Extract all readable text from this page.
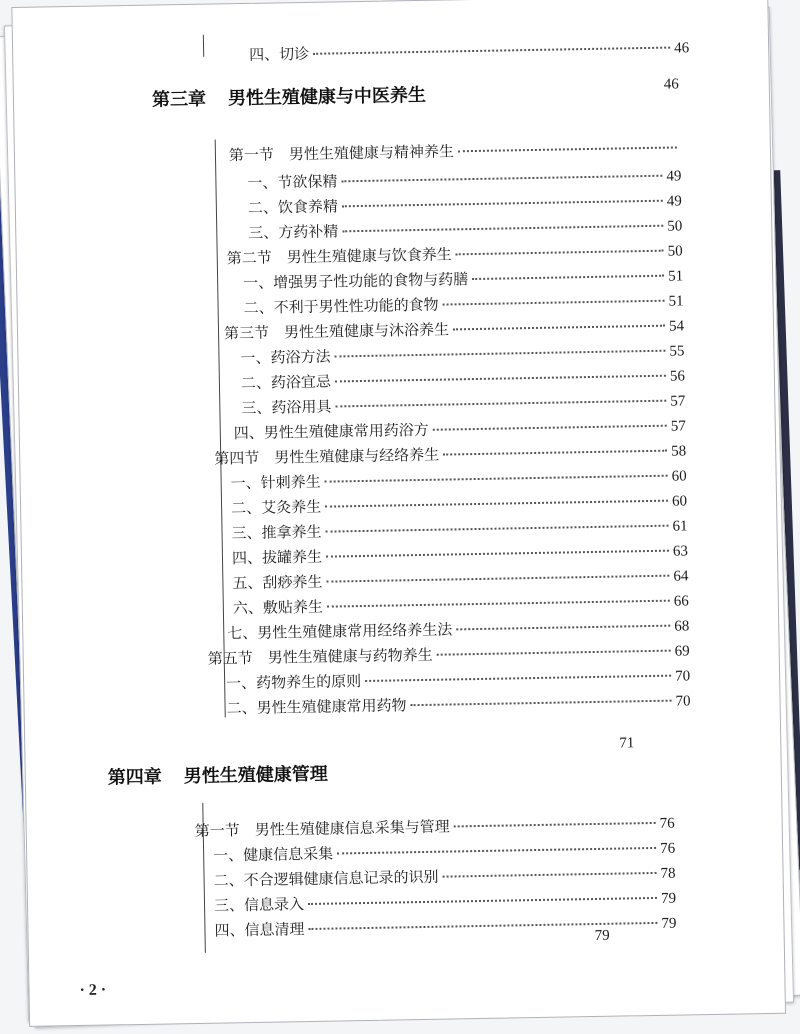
四、切诊	46
第一节　男性生殖健康与精神养生
一、节欲保精	49
二、饮食养精	49
三、方药补精	50
第二节　男性生殖健康与饮食养生	50
一、增强男子性功能的食物与药膳	51
二、不利于男性性功能的食物	51
第三节　男性生殖健康与沐浴养生	54
一、药浴方法	55
二、药浴宜忌	56
三、药浴用具	57
四、男性生殖健康常用药浴方	57
第四节　男性生殖健康与经络养生	58
一、针刺养生	60
二、艾灸养生	60
三、推拿养生	61
四、拔罐养生	63
五、刮痧养生	64
六、敷贴养生	66
七、男性生殖健康常用经络养生法	68
第五节　男性生殖健康与药物养生	69
一、药物养生的原则	70
二、男性生殖健康常用药物	70
第一节　男性生殖健康信息采集与管理	76
一、健康信息采集	76
二、不合逻辑健康信息记录的识别	78
三、信息录入	79
四、信息清理	79
第三章 男性生殖健康与中医养生
第四章 男性生殖健康管理
46
71
79
· 2 ·
